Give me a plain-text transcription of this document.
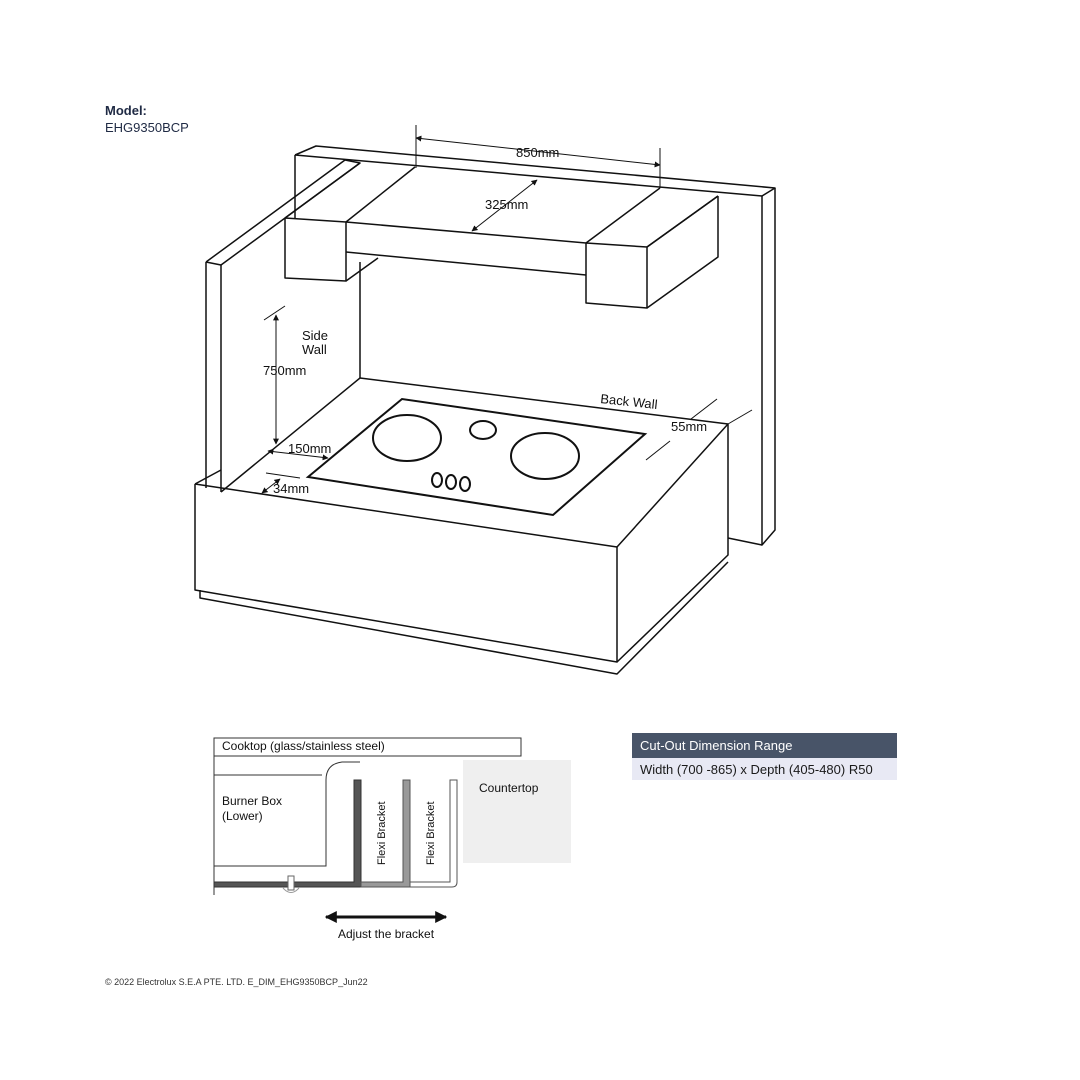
Model:
EHG9350BCP
850mm
325mm
750mm
150mm
34mm
55mm
Side
Wall
Back Wall
Cooktop (glass/stainless steel)
Burner Box
(Lower)	Flexi Bracket	Flexi Bracket
Countertop
Adjust the bracket
Cut-Out Dimension Range
Width (700 -865) x Depth (405-480) R50
© 2022 Electrolux S.E.A PTE. LTD. E_DIM_EHG9350BCP_Jun22
